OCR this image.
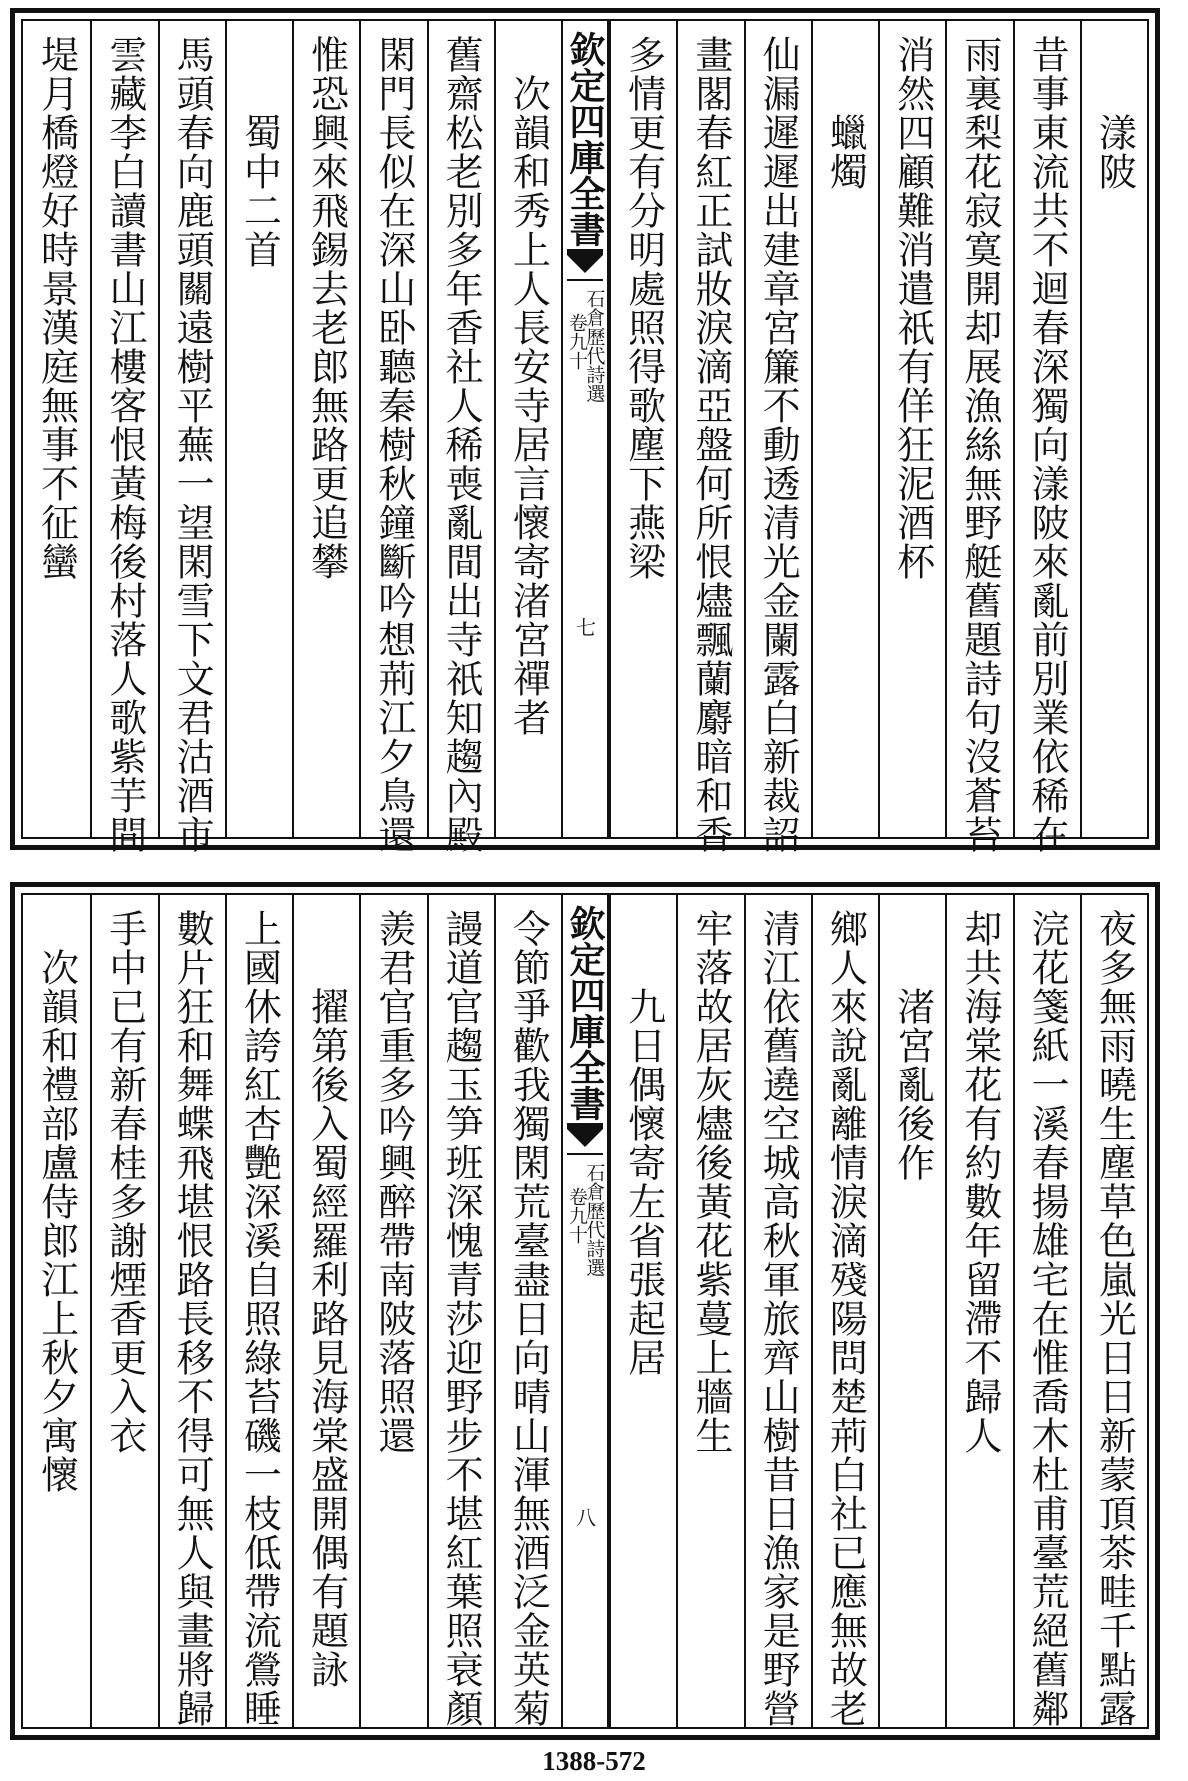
漾陂
昔事東流共不迴春深獨向漾陂來亂前別業依稀在
雨裏梨花寂寞開却展漁絲無野艇舊題詩句沒蒼苔
消然四顧難消遣祇有佯狂泥酒杯
蠟燭
仙漏遲遲出建章宮簾不動透清光金闌露白新裁詔
畫閣春紅正試妝淚滴亞盤何所恨燼飄蘭麝暗和香
多情更有分明處照得歌塵下燕梁
欽定四庫全書
石倉歷代詩選
卷九十
七
次韻和秀上人長安寺居言懷寄渚宮禪者
舊齋松老別多年香社人稀喪亂間出寺祇知趨內殿
閑門長似在深山卧聽秦樹秋鐘斷吟想荊江夕鳥還
惟恐興來飛錫去老郎無路更追攀
蜀中二首
馬頭春向鹿頭關遠樹平蕪一望閑雪下文君沽酒市
雲藏李白讀書山江樓客恨黃梅後村落人歌紫芋間
堤月橋燈好時景漢庭無事不征蠻
夜多無雨曉生塵草色嵐光日日新蒙頂茶畦千點露
浣花箋紙一溪春揚雄宅在惟喬木杜甫臺荒絕舊鄰
却共海棠花有約數年留滯不歸人
渚宮亂後作
鄉人來說亂離情淚滴殘陽問楚荊白社已應無故老
清江依舊遶空城高秋軍旅齊山樹昔日漁家是野營
牢落故居灰燼後黃花紫蔓上牆生
九日偶懷寄左省張起居
欽定四庫全書
石倉歷代詩選
卷九十
八
令節爭歡我獨閑荒臺盡日向晴山渾無酒泛金英菊
謾道官趨玉笋班深愧青莎迎野步不堪紅葉照衰顏
羨君官重多吟興醉帶南陂落照還
擢第後入蜀經羅利路見海棠盛開偶有題詠
上國休誇紅杏艷深溪自照綠苔磯一枝低帶流鶯睡
數片狂和舞蝶飛堪恨路長移不得可無人與畫將歸
手中已有新春桂多謝煙香更入衣
次韻和禮部盧侍郎江上秋夕寓懷
1388-572
